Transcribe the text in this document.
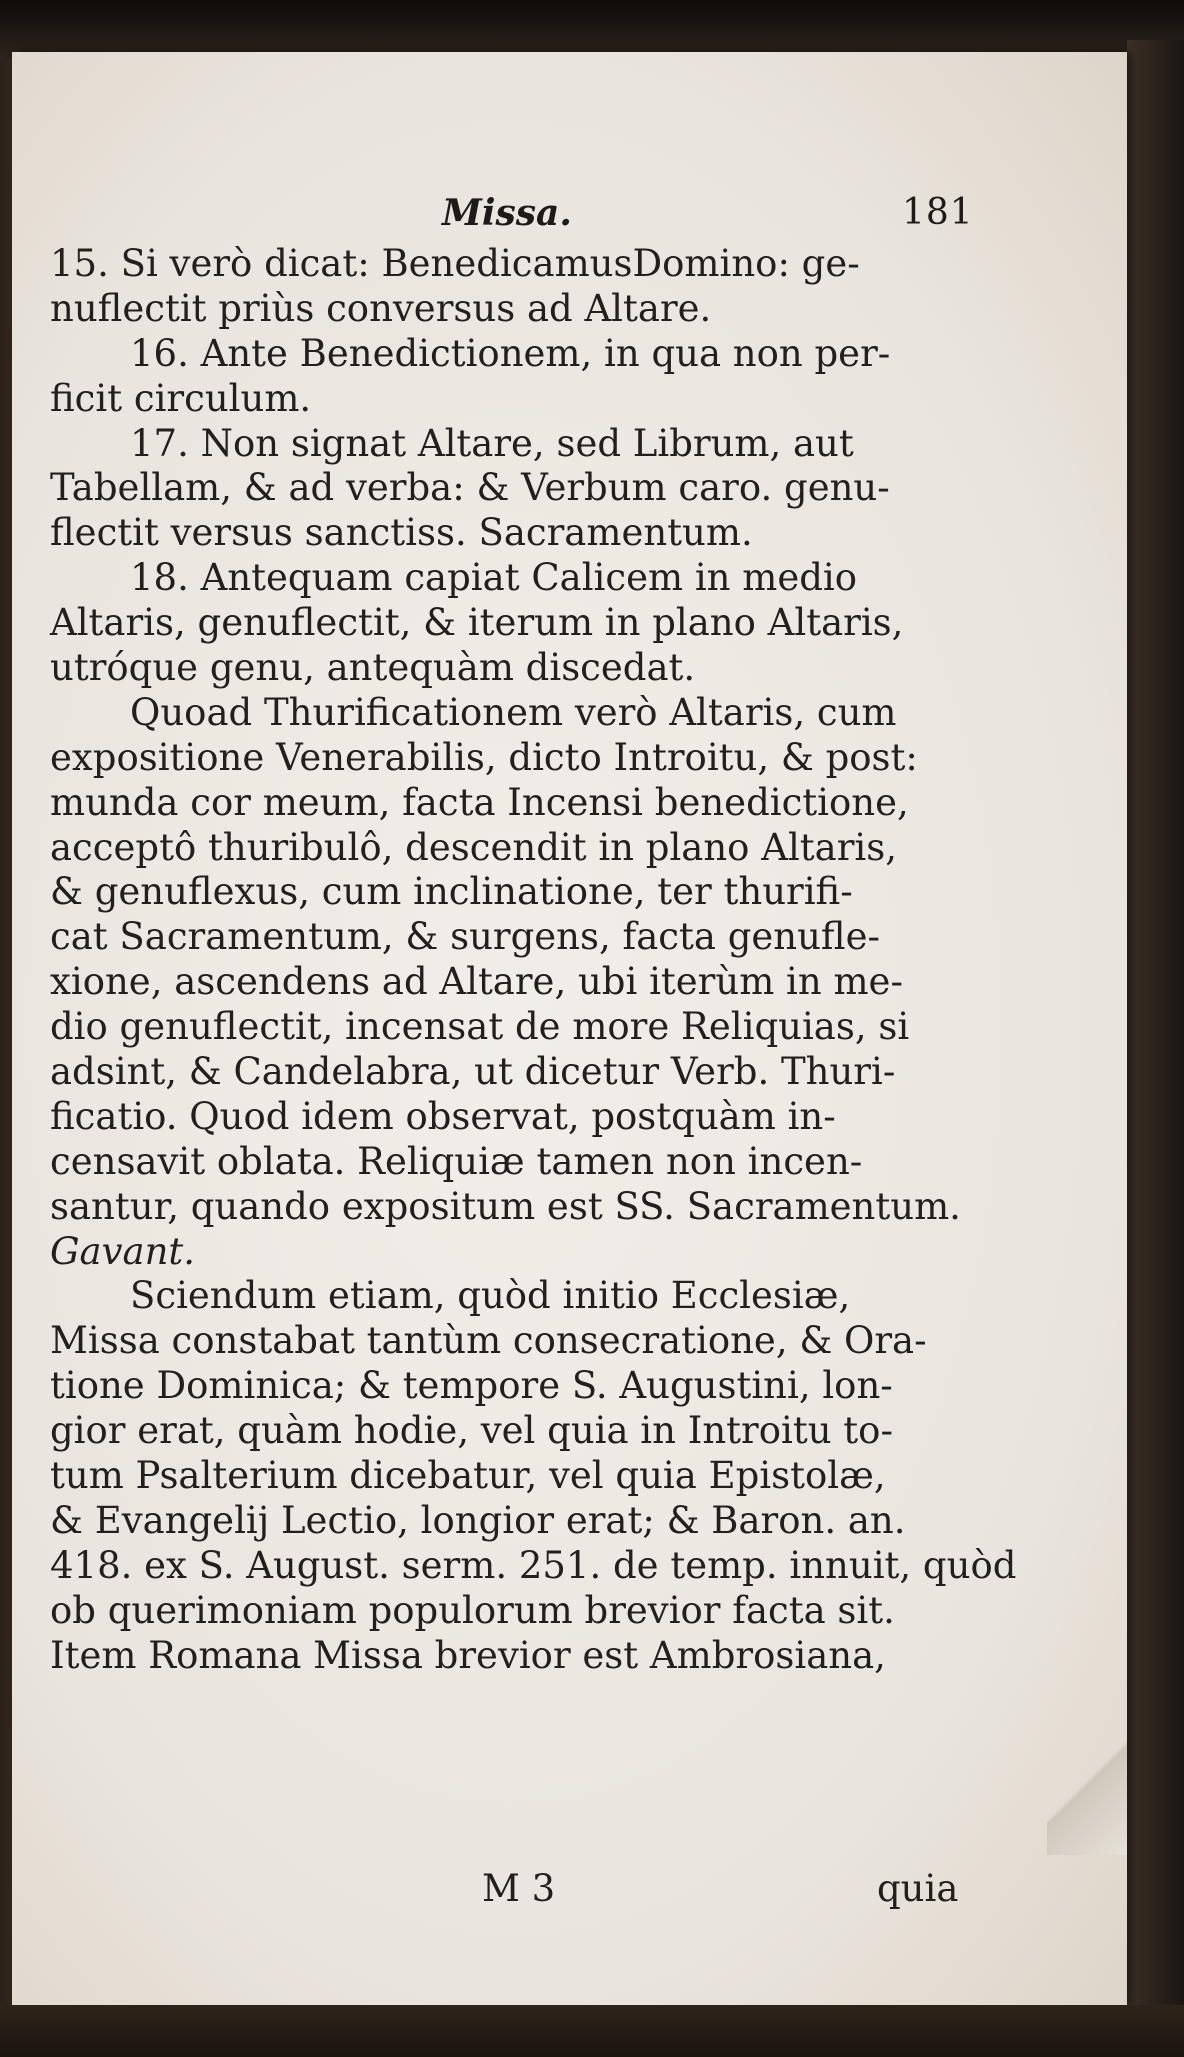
Missa.	181
15. Si verò dicat: BenedicamusDomino: ge-
nuflectit priùs conversus ad Altare.
16. Ante Benedictionem, in qua non per-
ficit circulum.
17. Non signat Altare, sed Librum, aut
Tabellam, & ad verba: & Verbum caro. genu-
flectit versus sanctiss. Sacramentum.
18. Antequam capiat Calicem in medio
Altaris, genuflectit, & iterum in plano Altaris,
utróque genu, antequàm discedat.
Quoad Thurificationem verò Altaris, cum
expositione Venerabilis, dicto Introitu, & post:
munda cor meum, facta Incensi benedictione,
acceptô thuribulô, descendit in plano Altaris,
& genuflexus, cum inclinatione, ter thurifi-
cat Sacramentum, & surgens, facta genufle-
xione, ascendens ad Altare, ubi iterùm in me-
dio genuflectit, incensat de more Reliquias, si
adsint, & Candelabra, ut dicetur Verb. Thuri-
ficatio. Quod idem observat, postquàm in-
censavit oblata. Reliquiæ tamen non incen-
santur, quando expositum est SS. Sacramentum.
Gavant.
Sciendum etiam, quòd initio Ecclesiæ,
Missa constabat tantùm consecratione, & Ora-
tione Dominica; & tempore S. Augustini, lon-
gior erat, quàm hodie, vel quia in Introitu to-
tum Psalterium dicebatur, vel quia Epistolæ,
& Evangelij Lectio, longior erat; & Baron. an.
418. ex S. August. serm. 251. de temp. innuit, quòd
ob querimoniam populorum brevior facta sit.
Item Romana Missa brevior est Ambrosiana,
M 3	quia
